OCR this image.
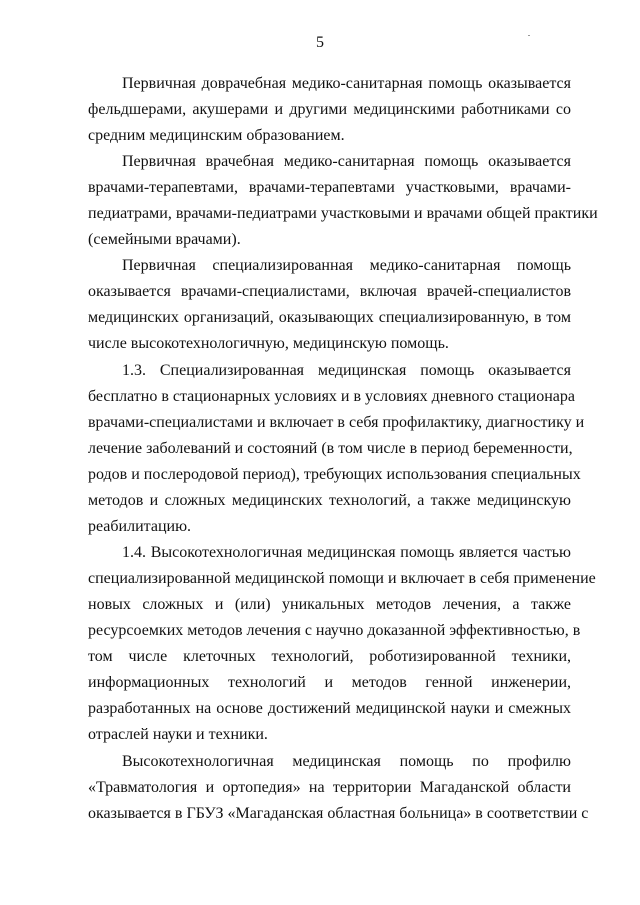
5
Первичная доврачебная медико-санитарная помощь оказывается
фельдшерами, акушерами и другими медицинскими работниками со
средним медицинским образованием.
Первичная врачебная медико-санитарная помощь оказывается
врачами-терапевтами, врачами-терапевтами участковыми, врачами-
педиатрами, врачами-педиатрами участковыми и врачами общей практики
(семейными врачами).
Первичная специализированная медико-санитарная помощь
оказывается врачами-специалистами, включая врачей-специалистов
медицинских организаций, оказывающих специализированную, в том
числе высокотехнологичную, медицинскую помощь.
1.3. Специализированная медицинская помощь оказывается
бесплатно в стационарных условиях и в условиях дневного стационара
врачами-специалистами и включает в себя профилактику, диагностику и
лечение заболеваний и состояний (в том числе в период беременности,
родов и послеродовой период), требующих использования специальных
методов и сложных медицинских технологий, а также медицинскую
реабилитацию.
1.4. Высокотехнологичная медицинская помощь является частью
специализированной медицинской помощи и включает в себя применение
новых сложных и (или) уникальных методов лечения, а также
ресурсоемких методов лечения с научно доказанной эффективностью, в
том числе клеточных технологий, роботизированной техники,
информационных технологий и методов генной инженерии,
разработанных на основе достижений медицинской науки и смежных
отраслей науки и техники.
Высокотехнологичная медицинская помощь по профилю
«Травматология и ортопедия» на территории Магаданской области
оказывается в ГБУЗ «Магаданская областная больница» в соответствии с
